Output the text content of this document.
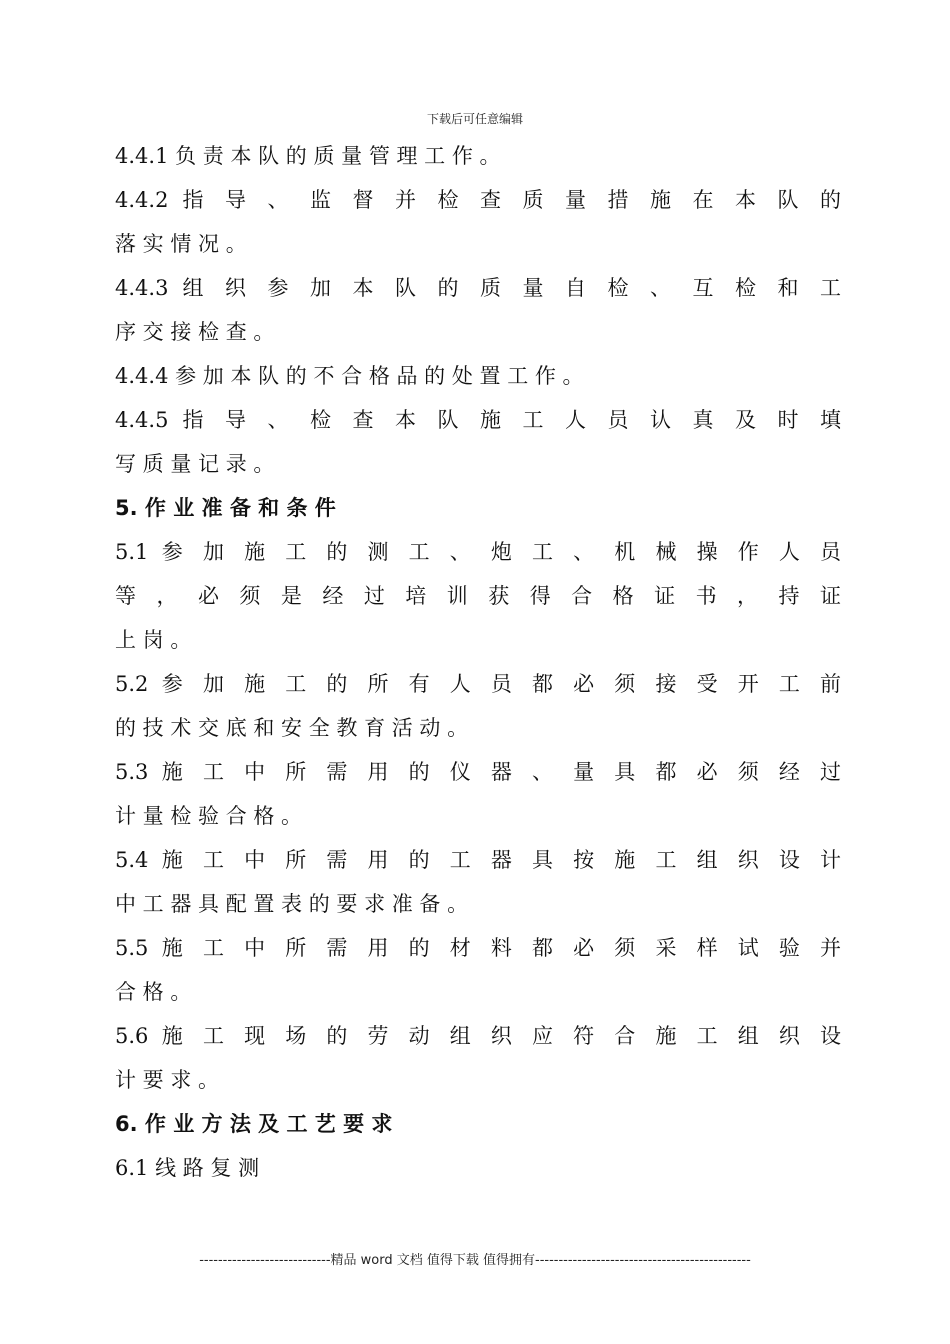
下载后可任意编辑
4.4.1 负 责 本 队 的 质 量 管 理 工 作 。
4.4.2 指 导 、 监 督 并 检 查 质 量 措 施 在 本 队 的
落 实 情 况 。
4.4.3 组 织 参 加 本 队 的 质 量 自 检 、 互 检 和 工
序 交 接 检 查 。
4.4.4 参 加 本 队 的 不 合 格 品 的 处 置 工 作 。
4.4.5 指 导 、 检 查 本 队 施 工 人 员 认 真 及 时 填
写 质 量 记 录 。
5. 作 业 准 备 和 条 件
5.1 参 加 施 工 的 测 工 、 炮 工 、 机 械 操 作 人 员
等 ， 必 须 是 经 过 培 训 获 得 合 格 证 书 ， 持 证
上 岗 。
5.2 参 加 施 工 的 所 有 人 员 都 必 须 接 受 开 工 前
的 技 术 交 底 和 安 全 教 育 活 动 。
5.3 施 工 中 所 需 用 的 仪 器 、 量 具 都 必 须 经 过
计 量 检 验 合 格 。
5.4 施 工 中 所 需 用 的 工 器 具 按 施 工 组 织 设 计
中 工 器 具 配 置 表 的 要 求 准 备 。
5.5 施 工 中 所 需 用 的 材 料 都 必 须 采 样 试 验 并
合 格 。
5.6 施 工 现 场 的 劳 动 组 织 应 符 合 施 工 组 织 设
计 要 求 。
6. 作 业 方 法 及 工 艺 要 求
6.1 线 路 复 测
----------------------------精品 word 文档 值得下载 值得拥有----------------------------------------------
